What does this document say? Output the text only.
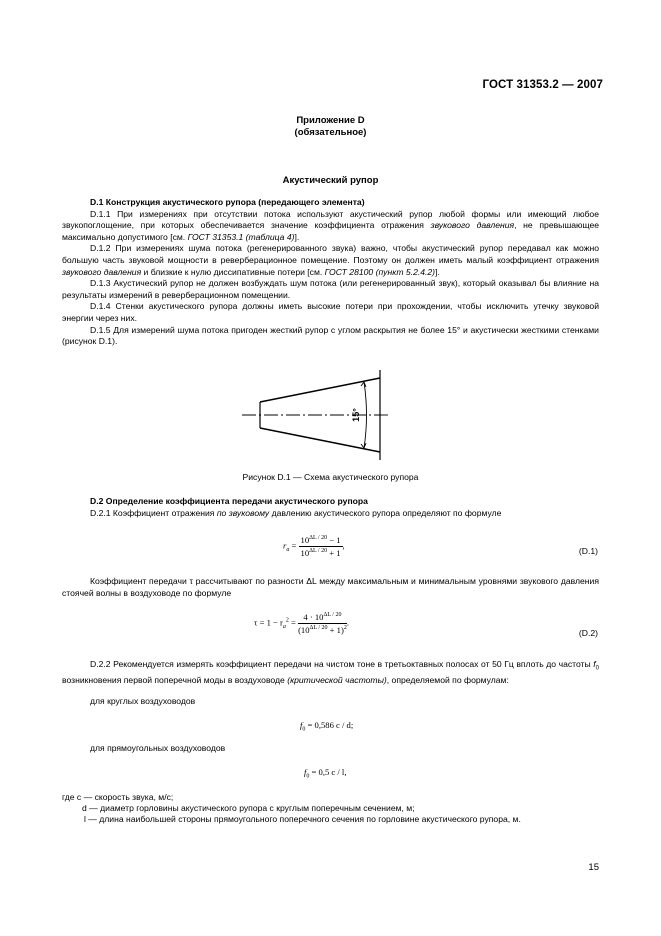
ГОСТ 31353.2 — 2007
Приложение D
(обязательное)
Акустический рупор

D.1 Конструкция акустического рупора (передающего элемента)

D.1.1 При измерениях при отсутствии потока используют акустический рупор любой формы или имеющий любое звукопоглощение, при которых обеспечивается значение коэффициента отражения звукового давления, не превышающее максимально допустимого [см. ГОСТ 31353.1 (таблица 4)].

D.1.2 При измерениях шума потока (регенерированного звука) важно, чтобы акустический рупор передавал как можно большую часть звуковой мощности в реверберационное помещение. Поэтому он должен иметь малый коэффициент отражения звукового давления и близкие к нулю диссипативные потери [см. ГОСТ 28100 (пункт 5.2.4.2)].

D.1.3 Акустический рупор не должен возбуждать шум потока (или регенерированный звук), который оказывал бы влияние на результаты измерений в реверберационном помещении.

D.1.4 Стенки акустического рупора должны иметь высокие потери при прохождении, чтобы исключить утечку звуковой энергии через них.

D.1.5 Для измерений шума потока пригоден жесткий рупор с углом раскрытия не более 15° и акустически жесткими стенками (рисунок D.1).

15°
Рисунок D.1 — Схема акустического рупора

D.2 Определение коэффициента передачи акустического рупора

D.2.1 Коэффициент отражения по звуковому давлению акустического рупора определяют по формуле

$r_a = \frac{10^{\Delta L / 20} - 1}{10^{\Delta L / 20} + 1}$ ,
(D.1)

Коэффициент передачи τ рассчитывают по разности ΔL между максимальным и минимальным уровнями звукового давления стоячей волны в воздуховоде по формуле

$\tau = 1 - r_a^2 = \frac{4 \cdot 10^{\Delta L / 20}}{(10^{\Delta L / 20} + 1)^2}$ .
(D.2)

D.2.2 Рекомендуется измерять коэффициент передачи на чистом тоне в третьоктавных полосах от 50 Гц вплоть до частоты $f_0$ возникновения первой поперечной моды в воздуховоде (критической частоты), определяемой по формулам:

для круглых воздуховодов
$f_0 = 0,586$ c / d;
для прямоугольных воздуховодов
$f_0 = 0,5$ c / l,
где c — скорость звука, м/с;
d — диаметр горловины акустического рупора с круглым поперечным сечением, м;
l — длина наибольшей стороны прямоугольного поперечного сечения по горловине акустического рупора, м.
15
